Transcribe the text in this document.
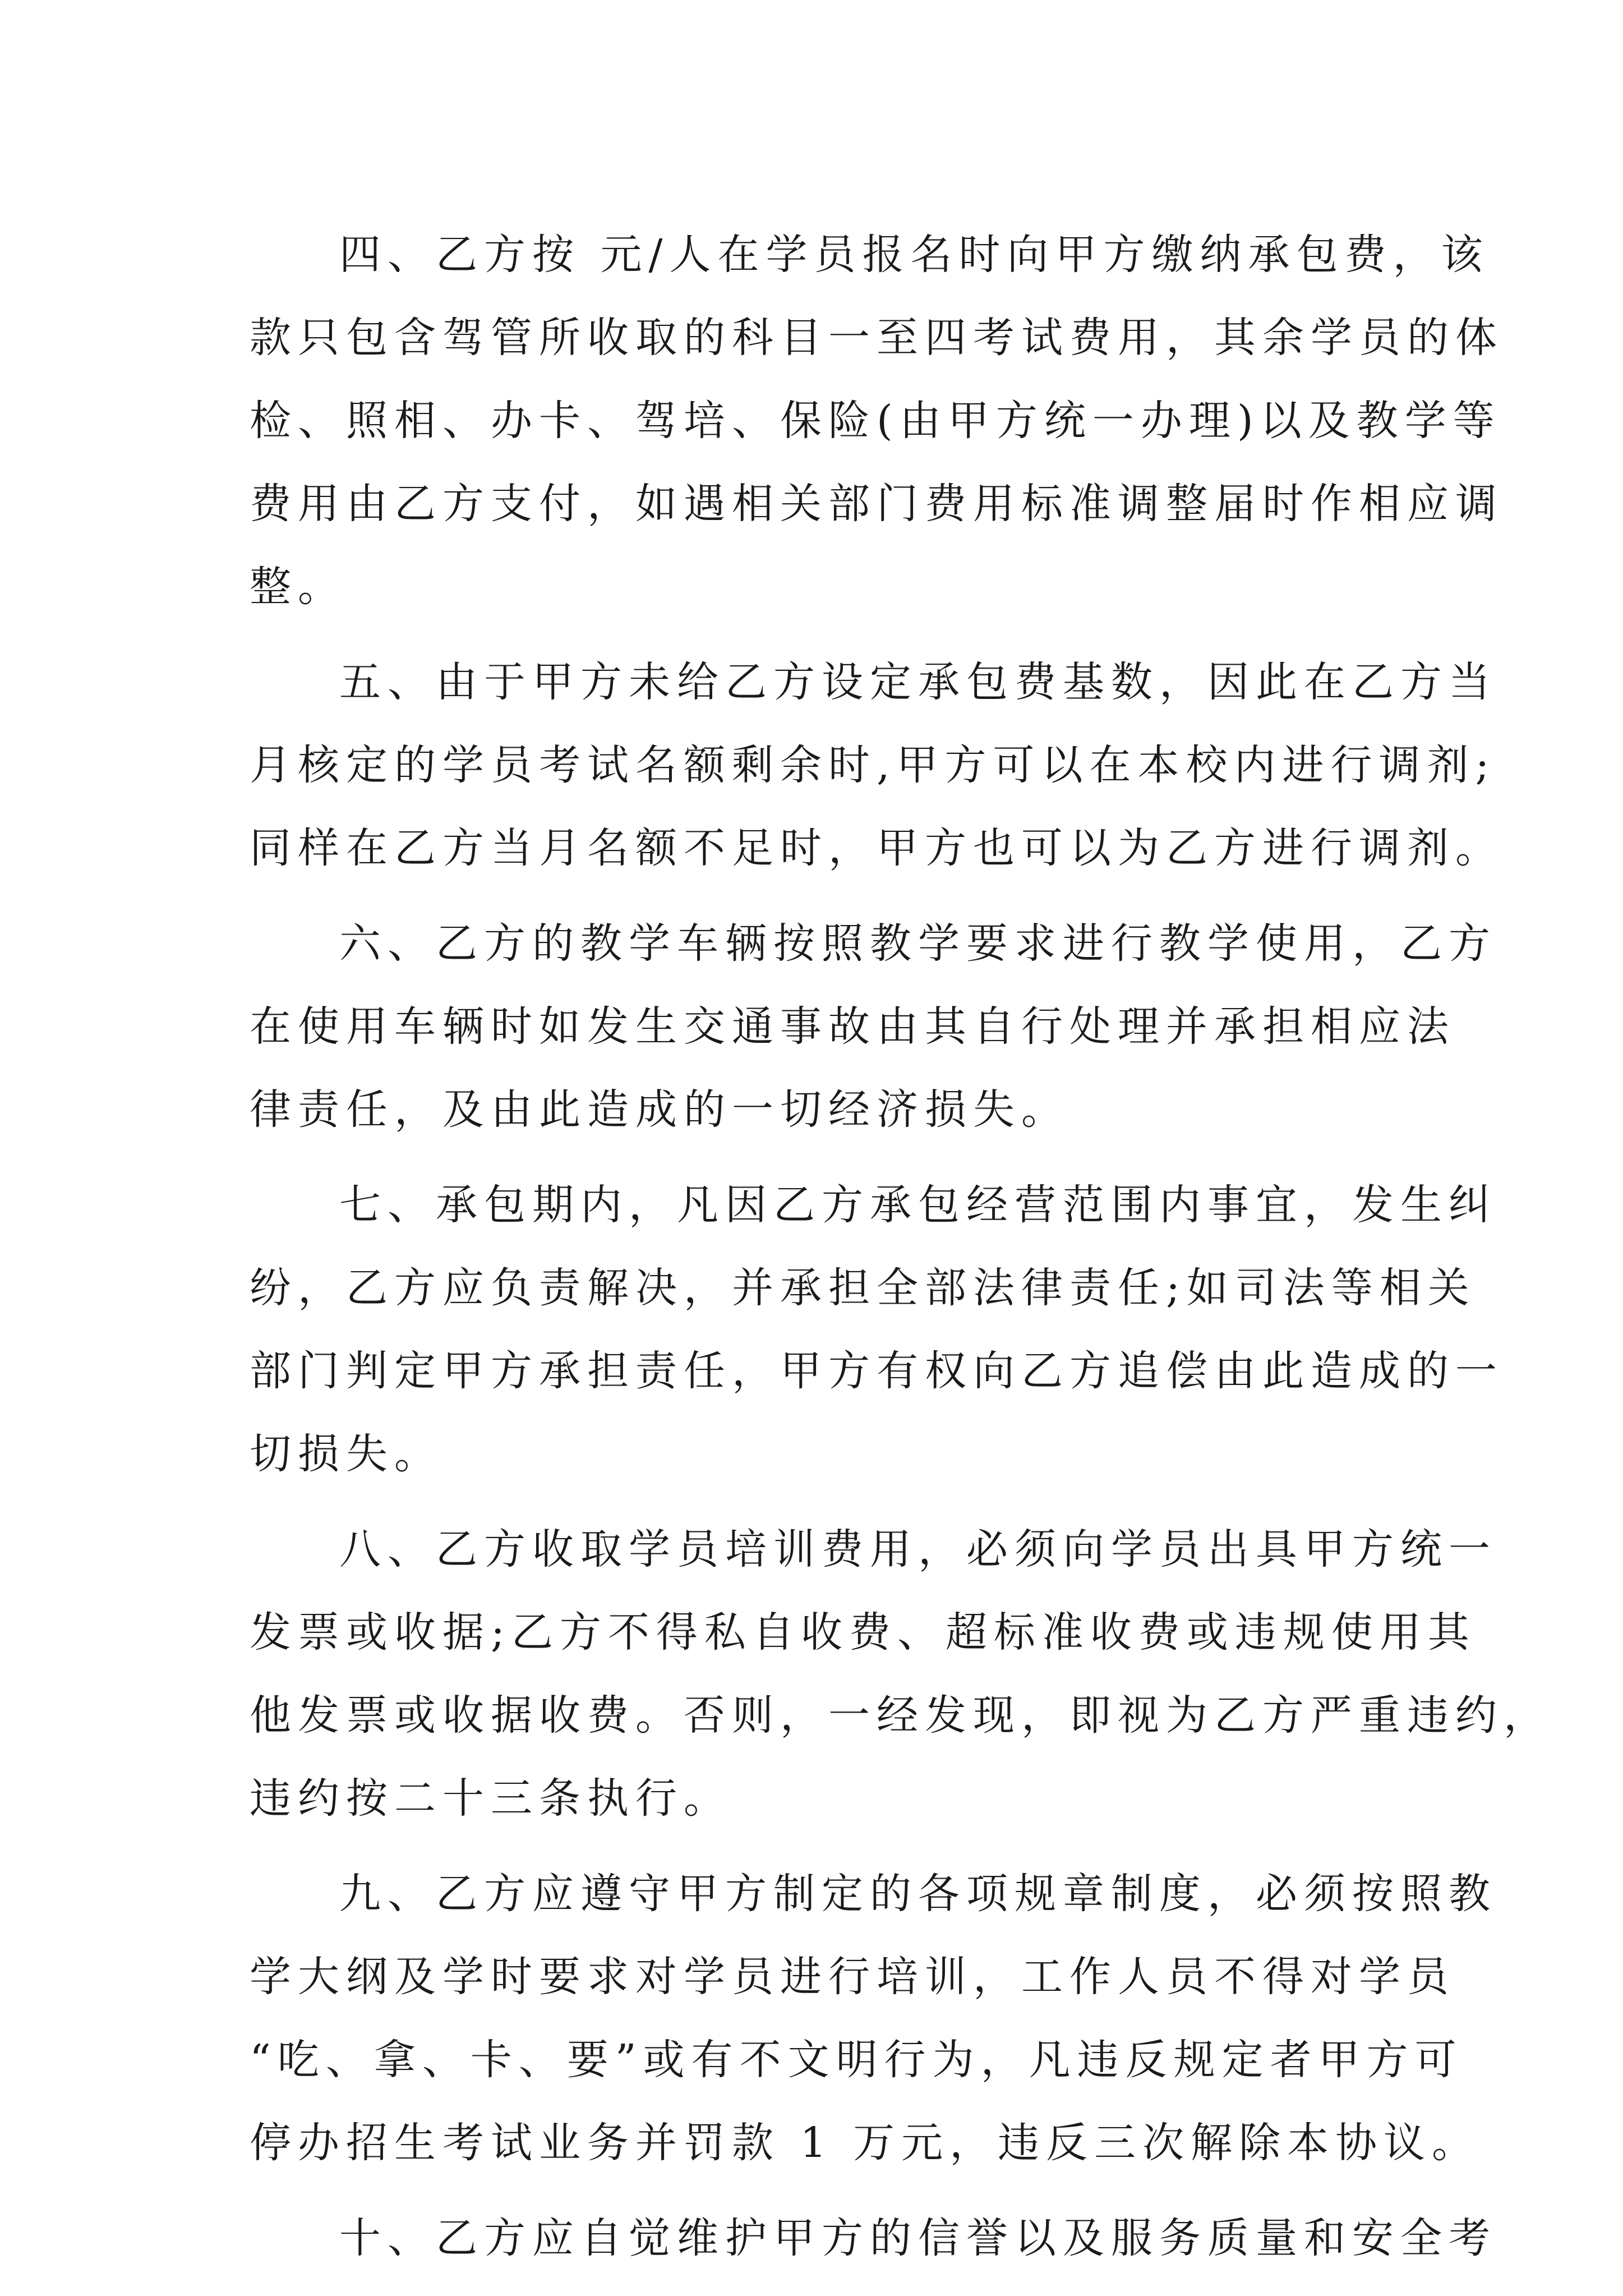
四、乙方按 元/人在学员报名时向甲方缴纳承包费，该
款只包含驾管所收取的科目一至四考试费用，其余学员的体
检、照相、办卡、驾培、保险(由甲方统一办理)以及教学等
费用由乙方支付，如遇相关部门费用标准调整届时作相应调
整。
五、由于甲方未给乙方设定承包费基数，因此在乙方当
月核定的学员考试名额剩余时,甲方可以在本校内进行调剂;
同样在乙方当月名额不足时，甲方也可以为乙方进行调剂。
六、乙方的教学车辆按照教学要求进行教学使用，乙方
在使用车辆时如发生交通事故由其自行处理并承担相应法
律责任，及由此造成的一切经济损失。
七、承包期内，凡因乙方承包经营范围内事宜，发生纠
纷，乙方应负责解决，并承担全部法律责任;如司法等相关
部门判定甲方承担责任，甲方有权向乙方追偿由此造成的一
切损失。
八、乙方收取学员培训费用，必须向学员出具甲方统一
发票或收据;乙方不得私自收费、超标准收费或违规使用其
他发票或收据收费。否则，一经发现，即视为乙方严重违约，
违约按二十三条执行。
九、乙方应遵守甲方制定的各项规章制度，必须按照教
学大纲及学时要求对学员进行培训，工作人员不得对学员
“吃、拿、卡、要”或有不文明行为，凡违反规定者甲方可
停办招生考试业务并罚款 1 万元，违反三次解除本协议。
十、乙方应自觉维护甲方的信誉以及服务质量和安全考
